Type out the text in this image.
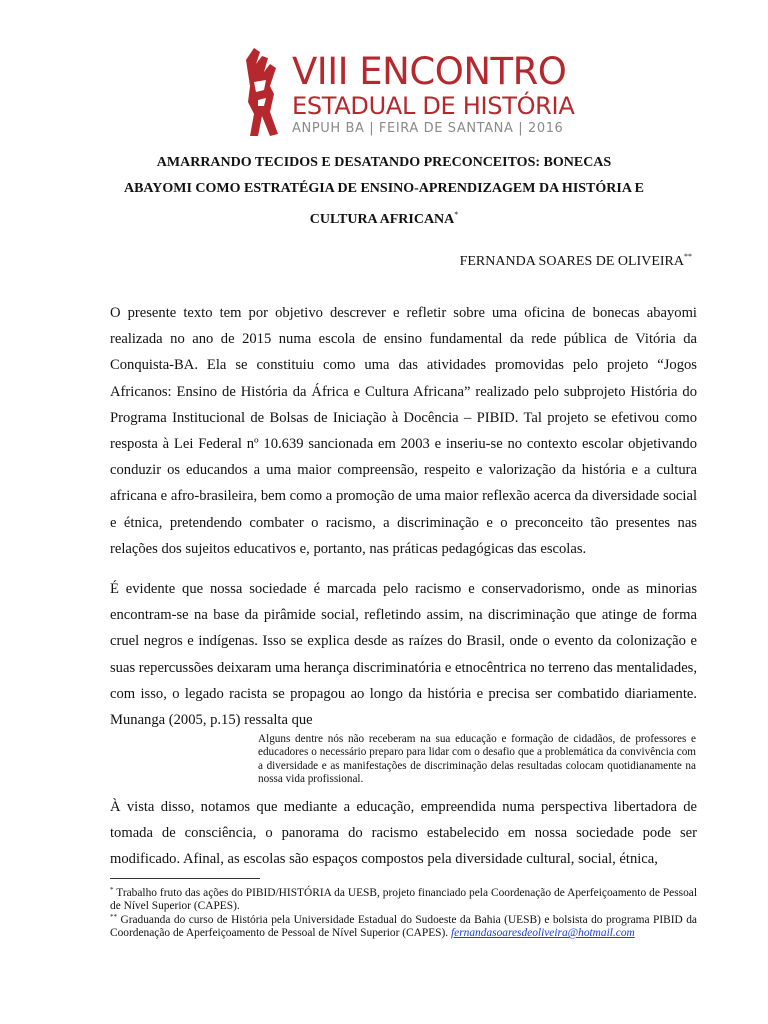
VIII ENCONTRO
ESTADUAL DE HISTÓRIA
ANPUH BA | FEIRA DE SANTANA | 2016
AMARRANDO TECIDOS E DESATANDO PRECONCEITOS: BONECAS
ABAYOMI COMO ESTRATÉGIA DE ENSINO-APRENDIZAGEM DA HISTÓRIA E
CULTURA AFRICANA*
FERNANDA SOARES DE OLIVEIRA**
O presente texto tem por objetivo descrever e refletir sobre uma oficina de bonecas abayomi realizada no ano de 2015 numa escola de ensino fundamental da rede pública de Vitória da Conquista-BA. Ela se constituiu como uma das atividades promovidas pelo projeto “Jogos Africanos: Ensino de História da África e Cultura Africana” realizado pelo subprojeto História do Programa Institucional de Bolsas de Iniciação à Docência – PIBID. Tal projeto se efetivou como resposta à Lei Federal nº 10.639 sancionada em 2003 e inseriu-se no contexto escolar objetivando conduzir os educandos a uma maior compreensão, respeito e valorização da história e a cultura africana e afro-brasileira, bem como a promoção de uma maior reflexão acerca da diversidade social e étnica, pretendendo combater o racismo, a discriminação e o preconceito tão presentes nas relações dos sujeitos educativos e, portanto, nas práticas pedagógicas das escolas.
É evidente que nossa sociedade é marcada pelo racismo e conservadorismo, onde as minorias encontram-se na base da pirâmide social, refletindo assim, na discriminação que atinge de forma cruel negros e indígenas. Isso se explica desde as raízes do Brasil, onde o evento da colonização e suas repercussões deixaram uma herança discriminatória e etnocêntrica no terreno das mentalidades, com isso, o legado racista se propagou ao longo da história e precisa ser combatido diariamente. Munanga (2005, p.15) ressalta que
Alguns dentre nós não receberam na sua educação e formação de cidadãos, de professores e educadores o necessário preparo para lidar com o desafio que a problemática da convivência com a diversidade e as manifestações de discriminação delas resultadas colocam quotidianamente na nossa vida profissional.
À vista disso, notamos que mediante a educação, empreendida numa perspectiva libertadora de tomada de consciência, o panorama do racismo estabelecido em nossa sociedade pode ser modificado. Afinal, as escolas são espaços compostos pela diversidade cultural, social, étnica,
* Trabalho fruto das ações do PIBID/HISTÓRIA da UESB, projeto financiado pela Coordenação de Aperfeiçoamento de Pessoal de Nível Superior (CAPES).
** Graduanda do curso de História pela Universidade Estadual do Sudoeste da Bahia (UESB) e bolsista do programa PIBID da Coordenação de Aperfeiçoamento de Pessoal de Nível Superior (CAPES). fernandasoaresdeoliveira@hotmail.com
